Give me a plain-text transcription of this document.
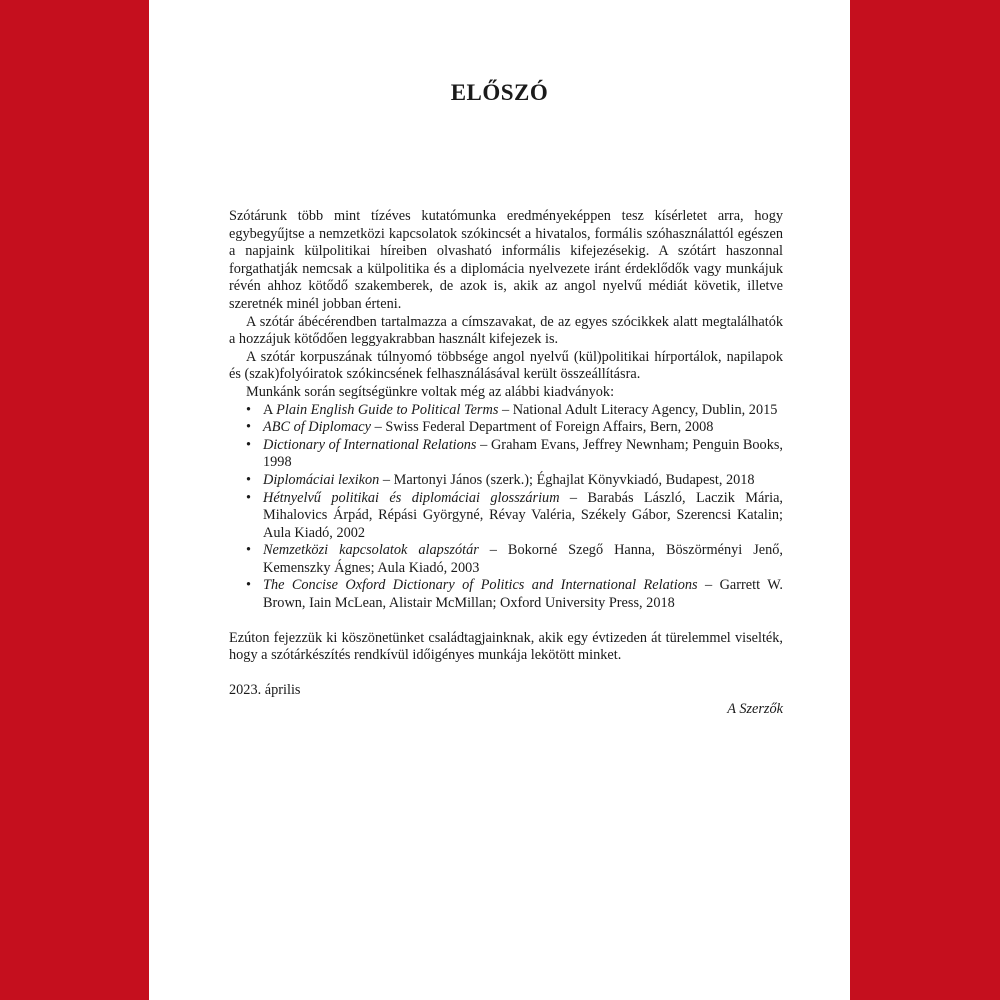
ELŐSZÓ

Szótárunk több mint tízéves kutatómunka eredményeképpen tesz kísérletet arra, hogy egybegyűjtse a nemzetközi kapcsolatok szókincsét a hivatalos, formális szóhasználattól egészen a napjaink külpolitikai híreiben olvasható informális kifejezésekig. A szótárt haszonnal forgathatják nemcsak a külpolitika és a diplomácia nyelvezete iránt érdeklődők vagy munkájuk révén ahhoz kötődő szakemberek, de azok is, akik az angol nyelvű médiát követik, illetve szeretnék minél jobban érteni.

A szótár ábécérendben tartalmazza a címszavakat, de az egyes szócikkek alatt megtalálhatók a hozzájuk kötődően leggyakrabban használt kifejezek is.

A szótár korpuszának túlnyomó többsége angol nyelvű (kül)politikai hírportálok, napilapok és (szak)folyóiratok szókincsének felhasználásával került összeállításra.

Munkánk során segítségünkre voltak még az alábbi kiadványok:

• A Plain English Guide to Political Terms – National Adult Literacy Agency, Dublin, 2015
• ABC of Diplomacy – Swiss Federal Department of Foreign Affairs, Bern, 2008
• Dictionary of International Relations – Graham Evans, Jeffrey Newnham; Penguin Books, 1998
• Diplomáciai lexikon – Martonyi János (szerk.); Éghajlat Könyvkiadó, Budapest, 2018
• Hétnyelvű politikai és diplomáciai glosszárium – Barabás László, Laczik Mária, Mihalovics Árpád, Répási Györgyné, Révay Valéria, Székely Gábor, Szerencsi Katalin; Aula Kiadó, 2002
• Nemzetközi kapcsolatok alapszótár – Bokorné Szegő Hanna, Böszörményi Jenő, Kemenszky Ágnes; Aula Kiadó, 2003
• The Concise Oxford Dictionary of Politics and International Relations – Garrett W. Brown, Iain McLean, Alistair McMillan; Oxford University Press, 2018

Ezúton fejezzük ki köszönetünket családtagjainknak, akik egy évtizeden át türelemmel viselték, hogy a szótárkészítés rendkívül időigényes munkája lekötött minket.

2023. április

A Szerzők
